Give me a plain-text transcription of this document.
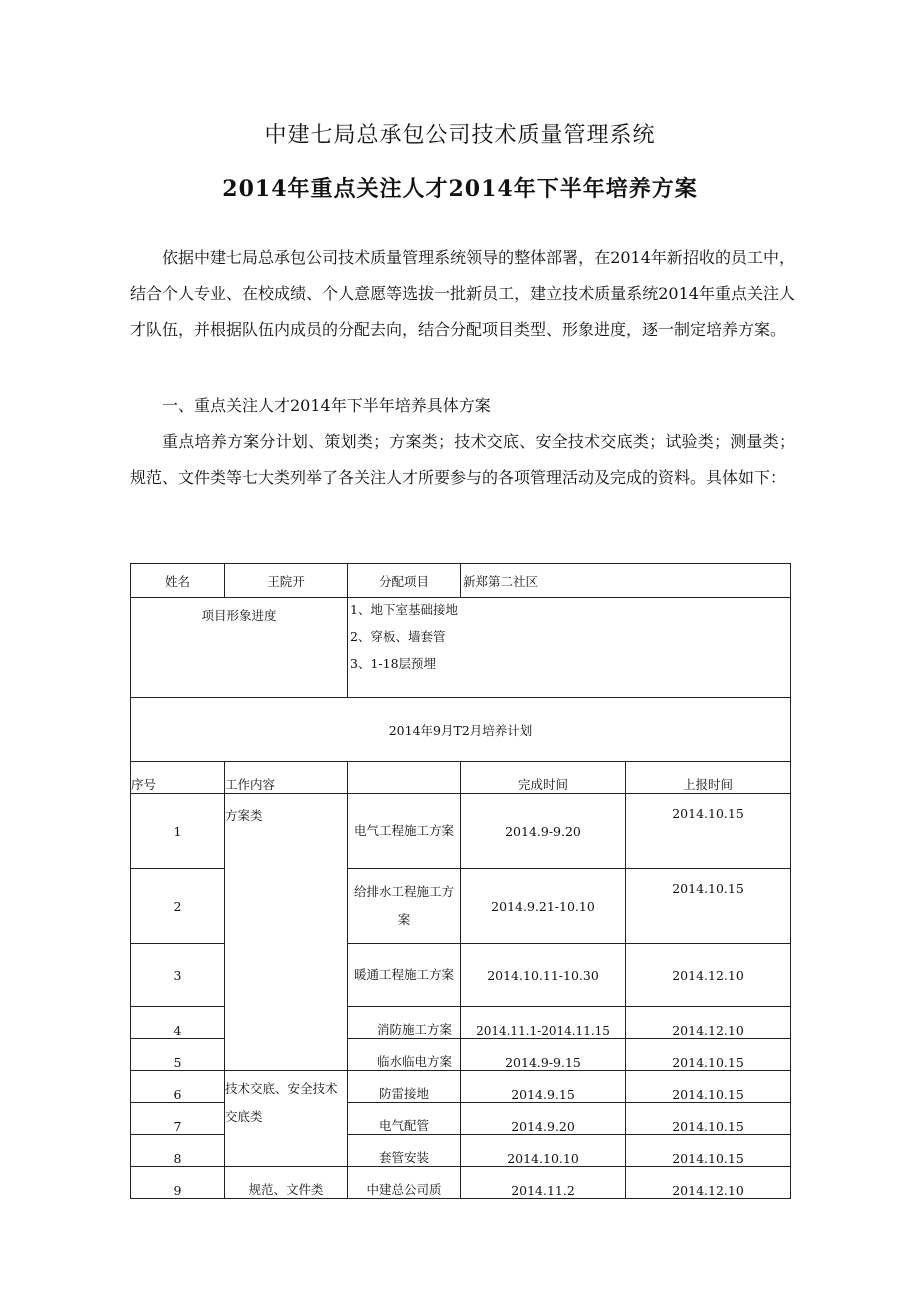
中建七局总承包公司技术质量管理系统
2014年重点关注人才2014年下半年培养方案
依据中建七局总承包公司技术质量管理系统领导的整体部署，在2014年新招收的员工中，结合个人专业、在校成绩、个人意愿等选拔一批新员工，建立技术质量系统2014年重点关注人才队伍，并根据队伍内成员的分配去向，结合分配项目类型、形象进度，逐一制定培养方案。
一、重点关注人才2014年下半年培养具体方案
重点培养方案分计划、策划类；方案类；技术交底、安全技术交底类；试验类；测量类；规范、文件类等七大类列举了各关注人才所要参与的各项管理活动及完成的资料。具体如下：
姓名	王院开	分配项目	新郑第二社区	
项目形象进度		1、地下室基础接地
2、穿板、墙套管
3、1-18层预埋		

2014年9月T2月培养计划				
序号	工作内容		完成时间	上报时间
1	方案类	电气工程施工方案	2014.9-9.20	2014.10.15
2		给排水工程施工方案	2014.9.21-10.10	2014.10.15
3		暖通工程施工方案	2014.10.11-10.30	2014.12.10
4		消防施工方案	2014.11.1-2014.11.15	2014.12.10
5		临水临电方案	2014.9-9.15	2014.10.15
6	技术交底、安全技术交底类	防雷接地	2014.9.15	2014.10.15
7		电气配管	2014.9.20	2014.10.15
8		套管安装	2014.10.10	2014.10.15
9	规范、文件类	中建总公司质	2014.11.2	2014.12.10
